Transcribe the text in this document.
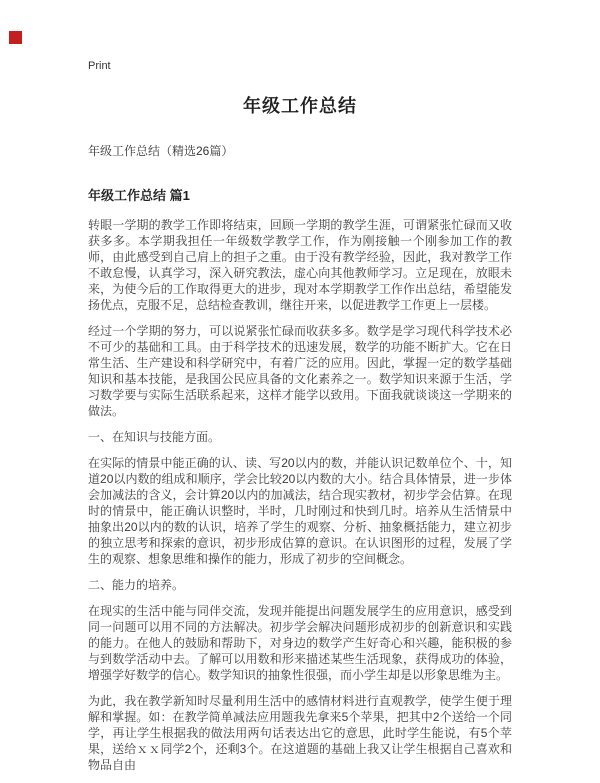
Print
年级工作总结
年级工作总结（精选26篇）
年级工作总结 篇1

转眼一学期的教学工作即将结束，回顾一学期的教学生涯，可谓紧张忙碌而又收获多多。本学期我担任一年级数学教学工作，作为刚接触一个刚参加工作的教师，由此感受到自己肩上的担子之重。由于没有教学经验，因此，我对教学工作不敢怠慢，认真学习，深入研究教法，虚心向其他教师学习。立足现在，放眼未来，为使今后的工作取得更大的进步，现对本学期教学工作作出总结，希望能发扬优点，克服不足，总结检查教训，继往开来，以促进教学工作更上一层楼。

经过一个学期的努力，可以说紧张忙碌而收获多多。数学是学习现代科学技术必不可少的基础和工具。由于科学技术的迅速发展，数学的功能不断扩大。它在日常生活、生产建设和科学研究中，有着广泛的应用。因此，掌握一定的数学基础知识和基本技能，是我国公民应具备的文化素养之一。数学知识来源于生活，学习数学要与实际生活联系起来，这样才能学以致用。下面我就谈谈这一学期来的做法。

一、在知识与技能方面。

在实际的情景中能正确的认、读、写20以内的数，并能认识记数单位个、十，知道20以内数的组成和顺序，学会比较20以内数的大小。结合具体情景，进一步体会加减法的含义，会计算20以内的加减法，结合现实教材，初步学会估算。在现时的情景中，能正确认识整时，半时，几时刚过和快到几时。培养从生活情景中抽象出20以内的数的认识，培养了学生的观察、分析、抽象概括能力，建立初步的独立思考和探索的意识，初步形成估算的意识。在认识图形的过程，发展了学生的观察、想象思维和操作的能力，形成了初步的空间概念。

二、能力的培养。

在现实的生活中能与同伴交流，发现并能提出问题发展学生的应用意识，感受到同一问题可以用不同的方法解决。初步学会解决问题形成初步的创新意识和实践的能力。在他人的鼓励和帮助下，对身边的数学产生好奇心和兴趣，能积极的参与到数学活动中去。了解可以用数和形来描述某些生活现象，获得成功的体验，增强学好数学的信心。数学知识的抽象性很强，而小学生却是以形象思维为主。

为此，我在教学新知时尽量利用生活中的感情材料进行直观教学，使学生便于理解和掌握。如：在教学简单减法应用题我先拿来5个苹果，把其中2个送给一个同学，再让学生根据我的做法用两句话表达出它的意思，此时学生能说，有5个苹果，送给ｘｘ同学2个，还剩3个。在这道题的基础上我又让学生根据自己喜欢和物品自由
